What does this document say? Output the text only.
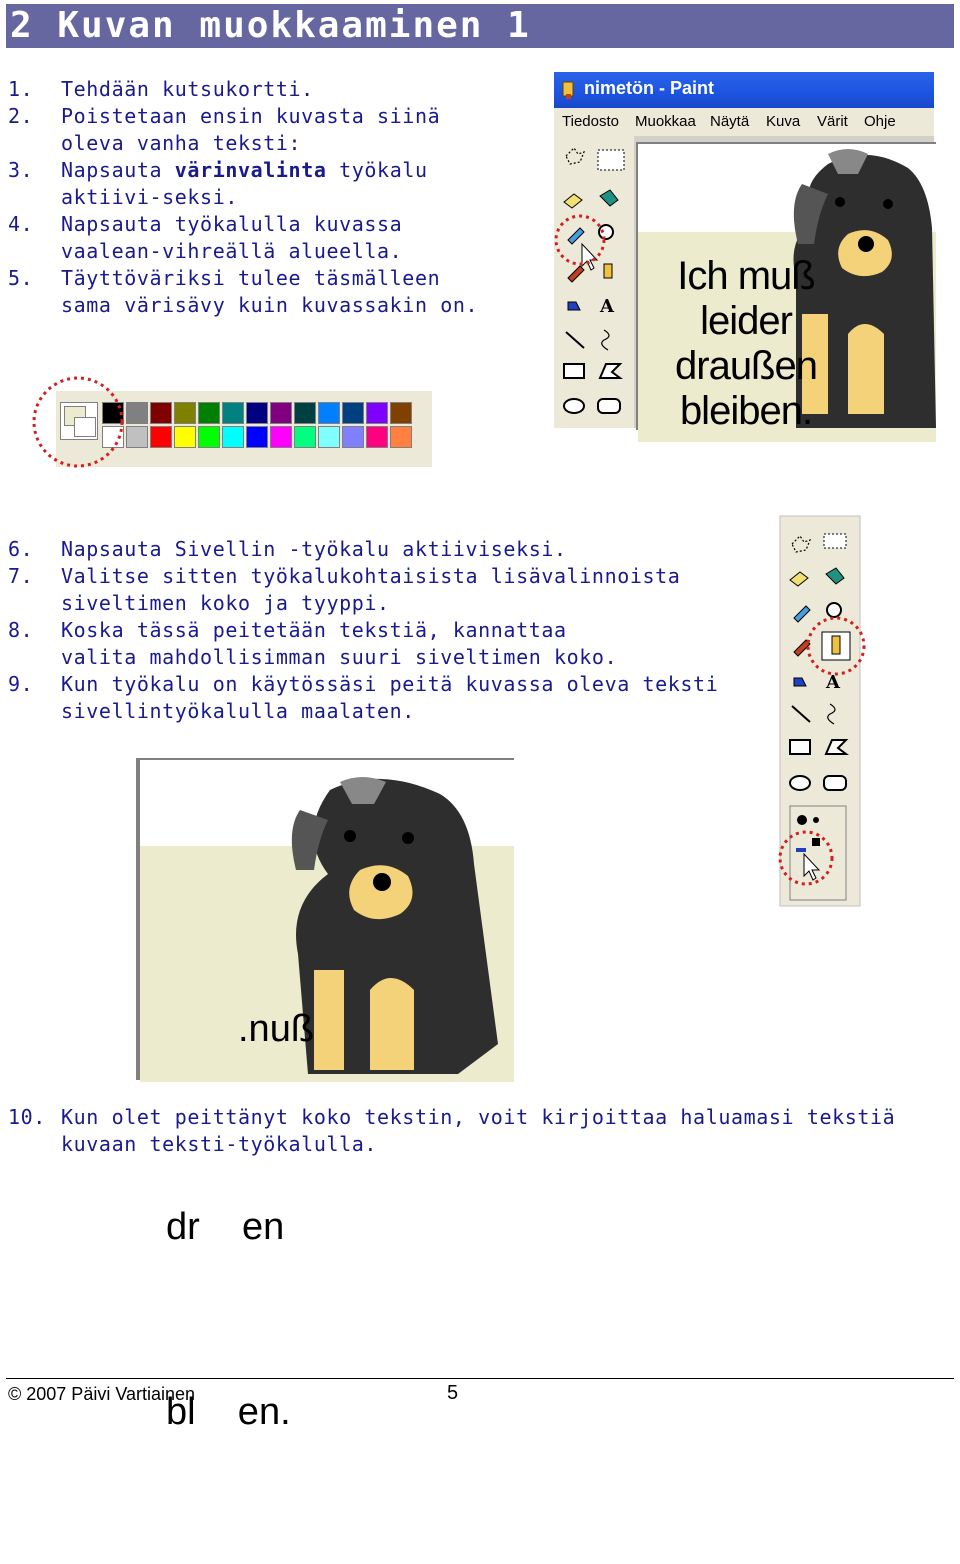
2 Kuvan muokkaaminen 1
1. Tehdään kutsukortti.
2. Poistetaan ensin kuvasta siinä oleva vanha teksti:
3. Napsauta värinvalinta työkalu aktiivi-seksi.
4. Napsauta työkalulla kuvassa vaalean-vihreällä alueella.
5. Täyttöväriksi tulee täsmälleen sama värisävy kuin kuvassakin on.
nimetön - Paint
Tiedosto Muokkaa Näytä Kuva Värit Ohje
A
Ich muß
leider
draußen
bleiben.
6. Napsauta Sivellin -työkalu aktiiviseksi.
7. Valitse sitten työkalukohtaisista lisävalinnoista siveltimen koko ja tyyppi.
8. Koska tässä peitetään tekstiä, kannattaa valita mahdollisimman suuri siveltimen koko.
9. Kun työkalu on käytössäsi peitä kuvassa oleva teksti sivellintyökalulla maalaten.
A

.nuß

dr    en

bl    en.

10. Kun olet peittänyt koko tekstin, voit kirjoittaa haluamasi tekstiä kuvaan teksti-työkalulla.
© 2007 Päivi Vartiainen	5
